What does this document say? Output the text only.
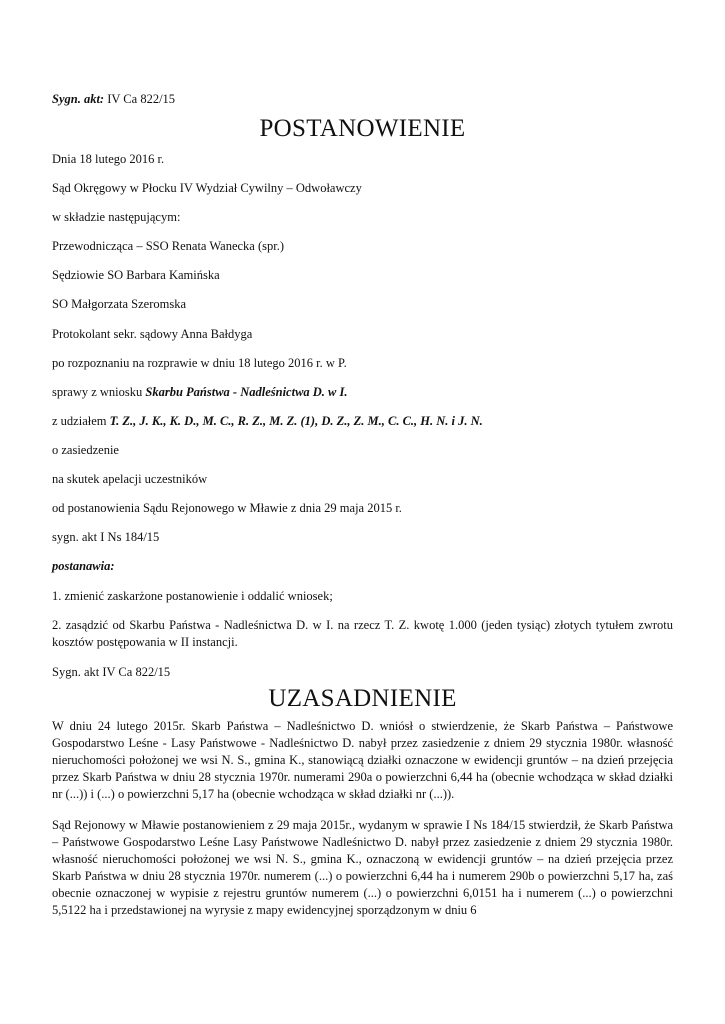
Sygn. akt: IV Ca 822/15
POSTANOWIENIE
Dnia 18 lutego 2016 r.
Sąd Okręgowy w Płocku IV Wydział Cywilny – Odwoławczy
w składzie następującym:
Przewodnicząca – SSO Renata Wanecka (spr.)
Sędziowie SO Barbara Kamińska
SO Małgorzata Szeromska
Protokolant sekr. sądowy Anna Bałdyga
po rozpoznaniu na rozprawie w dniu 18 lutego 2016 r. w P.
sprawy z wniosku Skarbu Państwa - Nadleśnictwa D. w I.
z udziałem T. Z., J. K., K. D., M. C., R. Z., M. Z. (1), D. Z., Z. M., C. C., H. N. i J. N.
o zasiedzenie
na skutek apelacji uczestników
od postanowienia Sądu Rejonowego w Mławie z dnia 29 maja 2015 r.
sygn. akt I Ns 184/15
postanawia:
1. zmienić zaskarżone postanowienie i oddalić wniosek;
2. zasądzić od Skarbu Państwa - Nadleśnictwa D. w I. na rzecz T. Z. kwotę 1.000 (jeden tysiąc) złotych tytułem zwrotu kosztów postępowania w II instancji.
Sygn. akt IV Ca 822/15
UZASADNIENIE
W dniu 24 lutego 2015r. Skarb Państwa – Nadleśnictwo D. wniósł o stwierdzenie, że Skarb Państwa – Państwowe Gospodarstwo Leśne - Lasy Państwowe - Nadleśnictwo D. nabył przez zasiedzenie z dniem 29 stycznia 1980r. własność nieruchomości położonej we wsi N. S., gmina K., stanowiącą działki oznaczone w ewidencji gruntów – na dzień przejęcia przez Skarb Państwa w dniu 28 stycznia 1970r. numerami 290a o powierzchni 6,44 ha (obecnie wchodząca w skład działki nr (...)) i (...) o powierzchni 5,17 ha (obecnie wchodząca w skład działki nr (...)).
Sąd Rejonowy w Mławie postanowieniem z 29 maja 2015r., wydanym w sprawie I Ns 184/15 stwierdził, że Skarb Państwa – Państwowe Gospodarstwo Leśne Lasy Państwowe Nadleśnictwo D. nabył przez zasiedzenie z dniem 29 stycznia 1980r. własność nieruchomości położonej we wsi N. S., gmina K., oznaczoną w ewidencji gruntów – na dzień przejęcia przez Skarb Państwa w dniu 28 stycznia 1970r. numerem (...) o powierzchni 6,44 ha i numerem 290b o powierzchni 5,17 ha, zaś obecnie oznaczonej w wypisie z rejestru gruntów numerem (...) o powierzchni 6,0151 ha i numerem (...) o powierzchni 5,5122 ha i przedstawionej na wyrysie z mapy ewidencyjnej sporządzonym w dniu 6
